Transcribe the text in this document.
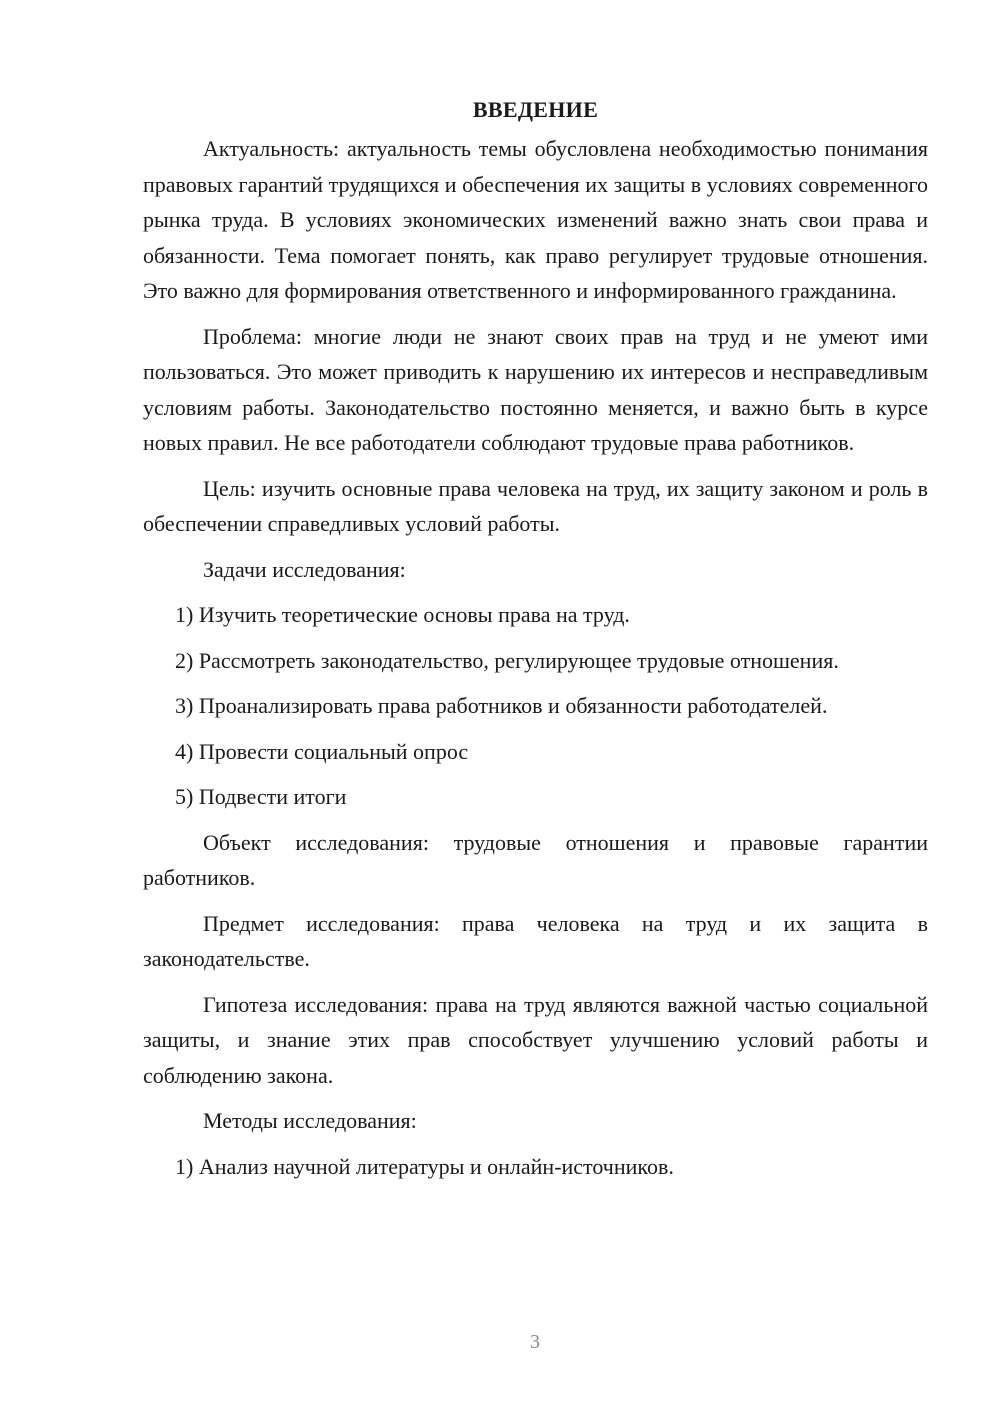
ВВЕДЕНИЕ

Актуальность: актуальность темы обусловлена необходимостью понимания правовых гарантий трудящихся и обеспечения их защиты в условиях современного рынка труда. В условиях экономических изменений важно знать свои права и обязанности. Тема помогает понять, как право регулирует трудовые отношения. Это важно для формирования ответственного и информированного гражданина.

Проблема: многие люди не знают своих прав на труд и не умеют ими пользоваться. Это может приводить к нарушению их интересов и несправедливым условиям работы. Законодательство постоянно меняется, и важно быть в курсе новых правил. Не все работодатели соблюдают трудовые права работников.

Цель: изучить основные права человека на труд, их защиту законом и роль в обеспечении справедливых условий работы.

Задачи исследования:

1) Изучить теоретические основы права на труд.

2) Рассмотреть законодательство, регулирующее трудовые отношения.

3) Проанализировать права работников и обязанности работодателей.

4) Провести социальный опрос

5) Подвести итоги

Объект исследования: трудовые отношения и правовые гарантии работников.

Предмет исследования: права человека на труд и их защита в законодательстве.

Гипотеза исследования: права на труд являются важной частью социальной защиты, и знание этих прав способствует улучшению условий работы и соблюдению закона.

Методы исследования:

1) Анализ научной литературы и онлайн-источников.

3
